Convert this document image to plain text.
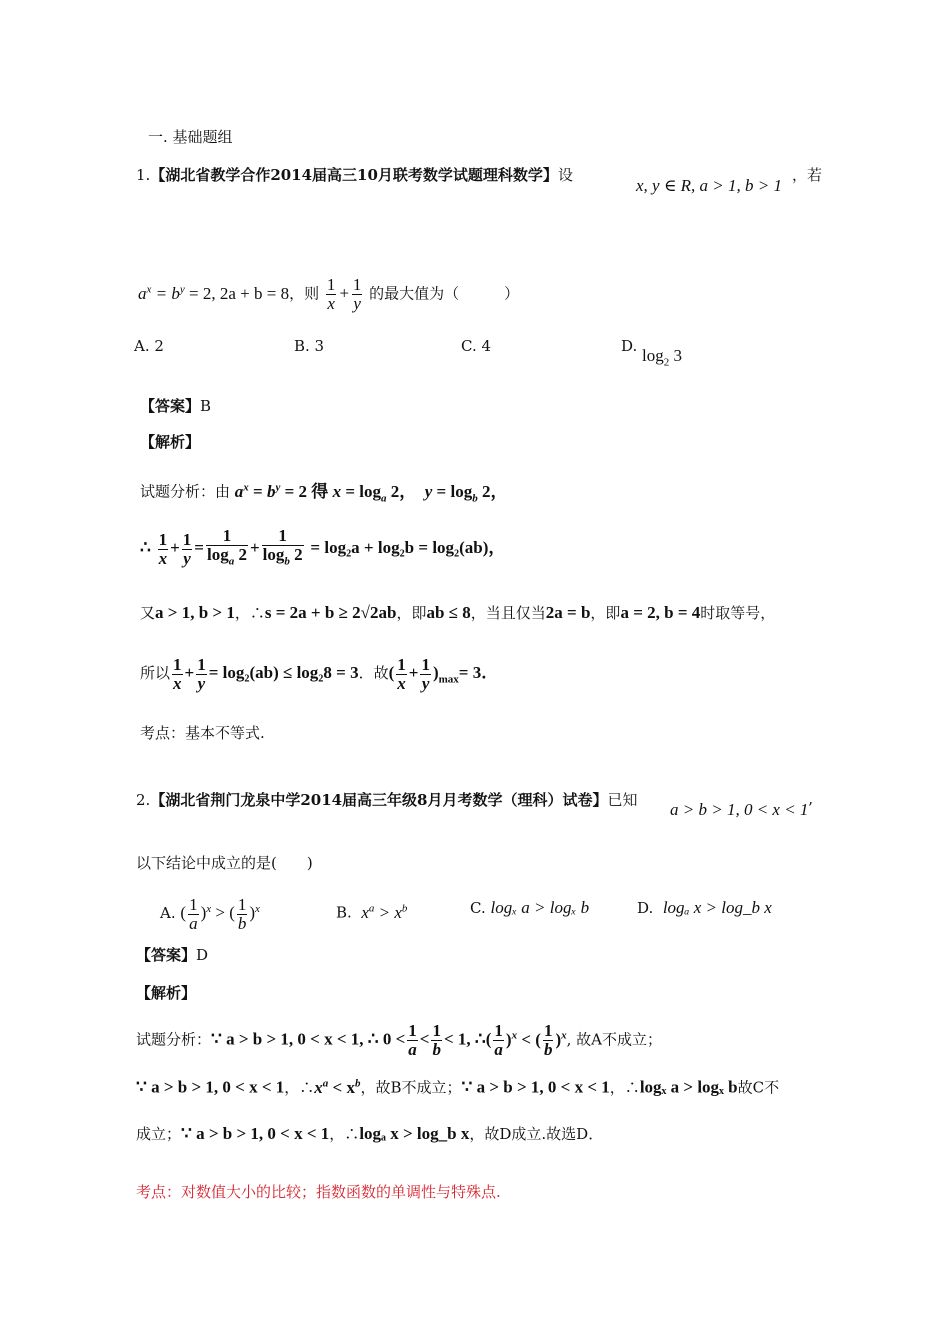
一. 基础题组
1.【湖北省教学合作2014届高三10月联考数学试题理科数学】设
x, y ∈ R, a > 1, b > 1
，若
$a^x = b^y = 2$, 2a + b = 8，则 $\frac{1}{x} + \frac{1}{y}$ 的最大值为（　　　）
A. 2	B. 3	C. 4	D. $\log_2 3$
【答案】B
【解析】
试题分析：由 $a^x = b^y = 2$ 得 $x = \log_a 2$， $y = \log_b 2$，
∴ $\frac{1}{x} + \frac{1}{y} = \frac{1}{\log_a 2} + \frac{1}{\log_b 2} = \log_2a + \log_2b = \log_2(ab)$，
又a > 1, b > 1，∴s = 2a + b ≥ 2√2ab，即ab ≤ 8，当且仅当2a = b，即a = 2, b = 4时取等号，
所以 $\frac{1}{x} + \frac{1}{y} = \log_2(ab) \le \log_28 = 3$．故( $\frac{1}{x} + \frac{1}{y} )_{max}= 3$．
考点：基本不等式.
2.【湖北省荆门龙泉中学2014届高三年级8月月考数学（理科）试卷】已知 a > b > 1, 0 < x < 1 ’
以下结论中成立的是(　　)
A. ( $\frac{1}{a} )^x$ > ( $\frac{1}{b} )^x$	B. $x^a > x^b$	C. logₓ a > logₓ b	D. logₐ x > log_b x
【答案】D
【解析】
试题分析：∵ a > b > 1, 0 < x < 1, ∴ $0 < \frac{1}{a} < \frac{1}{b} < 1$, ∴( $\frac{1}{a} )^x$ < ( $\frac{1}{b} )^x$, 故A不成立；
∵ a > b > 1, 0 < x < 1，$\therefore x^a < x^b$，故B不成立；∵ a > b > 1, 0 < x < 1，∴logₓ a > logₓ b故C不
成立；∵ a > b > 1, 0 < x < 1，∴logₐ x > log_b x，故D成立.故选D．
考点：对数值大小的比较；指数函数的单调性与特殊点.
